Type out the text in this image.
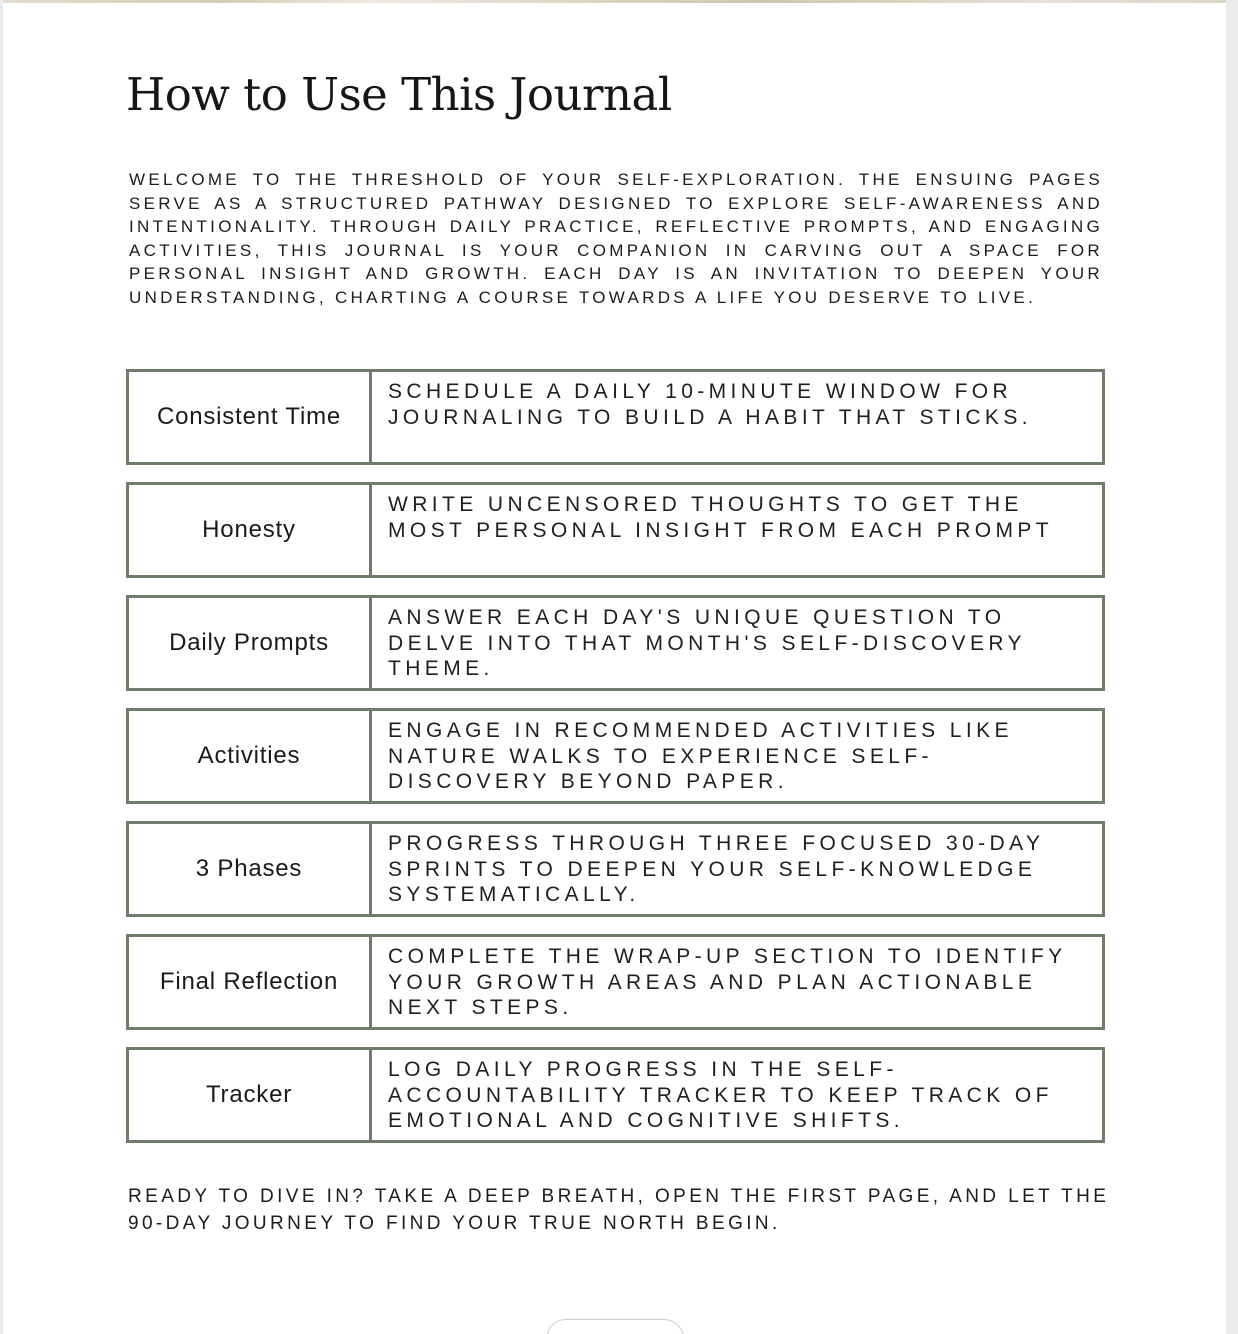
How to Use This Journal

WELCOME TO THE THRESHOLD OF YOUR SELF-EXPLORATION. THE ENSUING PAGES SERVE AS A STRUCTURED PATHWAY DESIGNED TO EXPLORE SELF-AWARENESS AND INTENTIONALITY. THROUGH DAILY PRACTICE, REFLECTIVE PROMPTS, AND ENGAGING ACTIVITIES, THIS JOURNAL IS YOUR COMPANION IN CARVING OUT A SPACE FOR PERSONAL INSIGHT AND GROWTH. EACH DAY IS AN INVITATION TO DEEPEN YOUR UNDERSTANDING, CHARTING A COURSE TOWARDS A LIFE YOU DESERVE TO LIVE.

Consistent Time
SCHEDULE A DAILY 10-MINUTE WINDOW FOR JOURNALING TO BUILD A HABIT THAT STICKS.
Honesty
WRITE UNCENSORED THOUGHTS TO GET THE MOST PERSONAL INSIGHT FROM EACH PROMPT
Daily Prompts
ANSWER EACH DAY'S UNIQUE QUESTION TO DELVE INTO THAT MONTH'S SELF-DISCOVERY THEME.
Activities
ENGAGE IN RECOMMENDED ACTIVITIES LIKE NATURE WALKS TO EXPERIENCE SELF-DISCOVERY BEYOND PAPER.
3 Phases
PROGRESS THROUGH THREE FOCUSED 30-DAY SPRINTS TO DEEPEN YOUR SELF-KNOWLEDGE SYSTEMATICALLY.
Final Reflection
COMPLETE THE WRAP-UP SECTION TO IDENTIFY YOUR GROWTH AREAS AND PLAN ACTIONABLE NEXT STEPS.
Tracker
LOG DAILY PROGRESS IN THE SELF-ACCOUNTABILITY TRACKER TO KEEP TRACK OF EMOTIONAL AND COGNITIVE SHIFTS.

READY TO DIVE IN? TAKE A DEEP BREATH, OPEN THE FIRST PAGE, AND LET THE 90-DAY JOURNEY TO FIND YOUR TRUE NORTH BEGIN.
